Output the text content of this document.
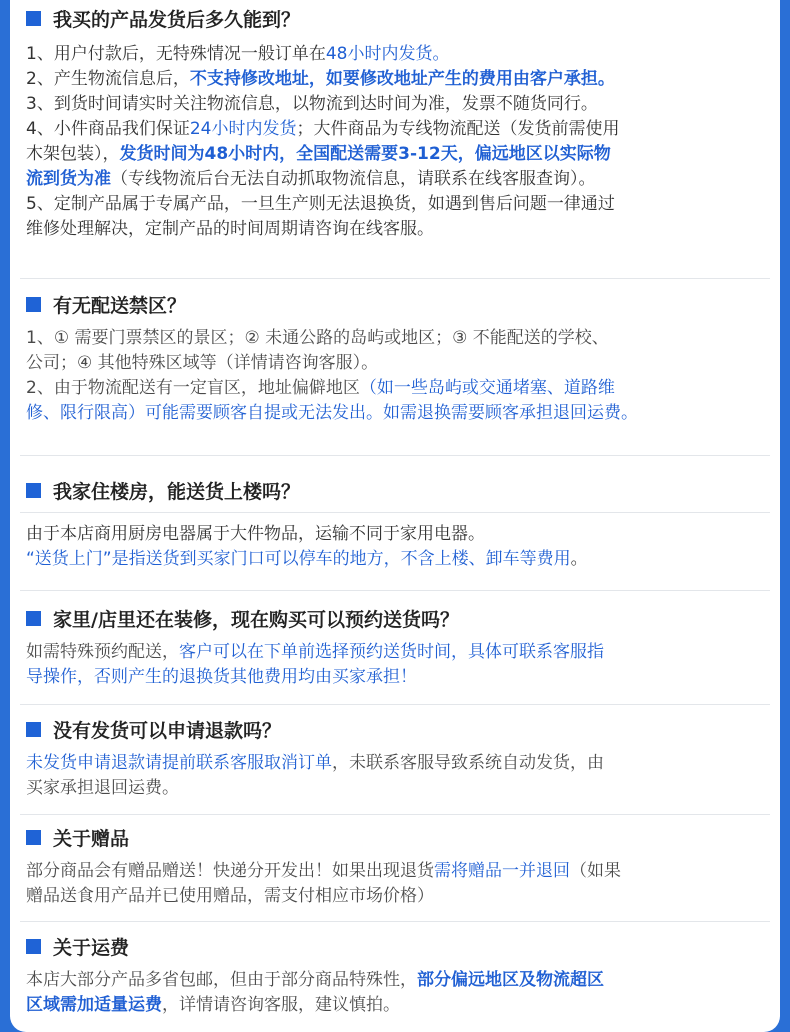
我买的产品发货后多久能到？
1、用户付款后，无特殊情况一般订单在48小时内发货。
2、产生物流信息后，不支持修改地址，如要修改地址产生的费用由客户承担。
3、到货时间请实时关注物流信息，以物流到达时间为准，发票不随货同行。
4、小件商品我们保证24小时内发货；大件商品为专线物流配送（发货前需使用
木架包装），发货时间为48小时内，全国配送需要3-12天，偏远地区以实际物
流到货为准（专线物流后台无法自动抓取物流信息，请联系在线客服查询）。
5、定制产品属于专属产品，一旦生产则无法退换货，如遇到售后问题一律通过
维修处理解决，定制产品的时间周期请咨询在线客服。
有无配送禁区？
1、① 需要门票禁区的景区；② 未通公路的岛屿或地区；③ 不能配送的学校、
公司；④ 其他特殊区域等（详情请咨询客服）。
2、由于物流配送有一定盲区，地址偏僻地区（如一些岛屿或交通堵塞、道路维
修、限行限高）可能需要顾客自提或无法发出。如需退换需要顾客承担退回运费。
我家住楼房，能送货上楼吗？
由于本店商用厨房电器属于大件物品，运输不同于家用电器。
“送货上门”是指送货到买家门口可以停车的地方，不含上楼、卸车等费用。
家里/店里还在装修，现在购买可以预约送货吗？
如需特殊预约配送，客户可以在下单前选择预约送货时间，具体可联系客服指
导操作，否则产生的退换货其他费用均由买家承担！
没有发货可以申请退款吗？
未发货申请退款请提前联系客服取消订单，未联系客服导致系统自动发货，由
买家承担退回运费。
关于赠品
部分商品会有赠品赠送！快递分开发出！如果出现退货需将赠品一并退回（如果
赠品送食用产品并已使用赠品，需支付相应市场价格）
关于运费
本店大部分产品多省包邮，但由于部分商品特殊性，部分偏远地区及物流超区
区域需加适量运费，详情请咨询客服，建议慎拍。
